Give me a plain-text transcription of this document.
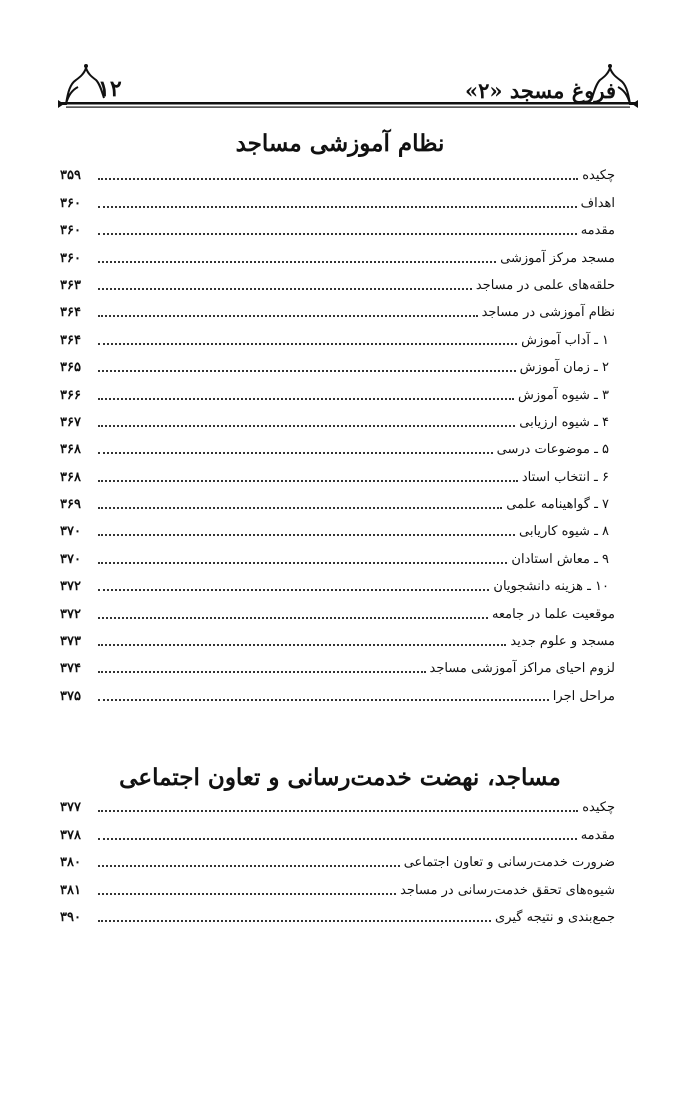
فروغ مسجد «۲»
۱۲
نظام آموزشی مساجد
چکیده
۳۵۹
اهداف
۳۶۰
مقدمه
۳۶۰
مسجد مرکز آموزشی
۳۶۰
حلقه‌های علمی در مساجد
۳۶۳
نظام آموزشی در مساجد
۳۶۴
۱ ـ آداب آموزش
۳۶۴
۲ ـ زمان آموزش
۳۶۵
۳ ـ شیوه آموزش
۳۶۶
۴ ـ شیوه ارزیابی
۳۶۷
۵ ـ موضوعات درسی
۳۶۸
۶ ـ انتخاب استاد
۳۶۸
۷ ـ گواهینامه علمی
۳۶۹
۸ ـ شیوه کاریابی
۳۷۰
۹ ـ معاش استادان
۳۷۰
۱۰ ـ هزینه دانشجویان
۳۷۲
موقعیت علما در جامعه
۳۷۲
مسجد و علوم جدید
۳۷۳
لزوم احیای مراکز آموزشی مساجد
۳۷۴
مراحل اجرا
۳۷۵
مساجد، نهضت خدمت‌رسانی و تعاون اجتماعی
چکیده
۳۷۷
مقدمه
۳۷۸
ضرورت خدمت‌رسانی و تعاون اجتماعی
۳۸۰
شیوه‌های تحقق خدمت‌رسانی در مساجد
۳۸۱
جمع‌بندی و نتیجه گیری
۳۹۰
